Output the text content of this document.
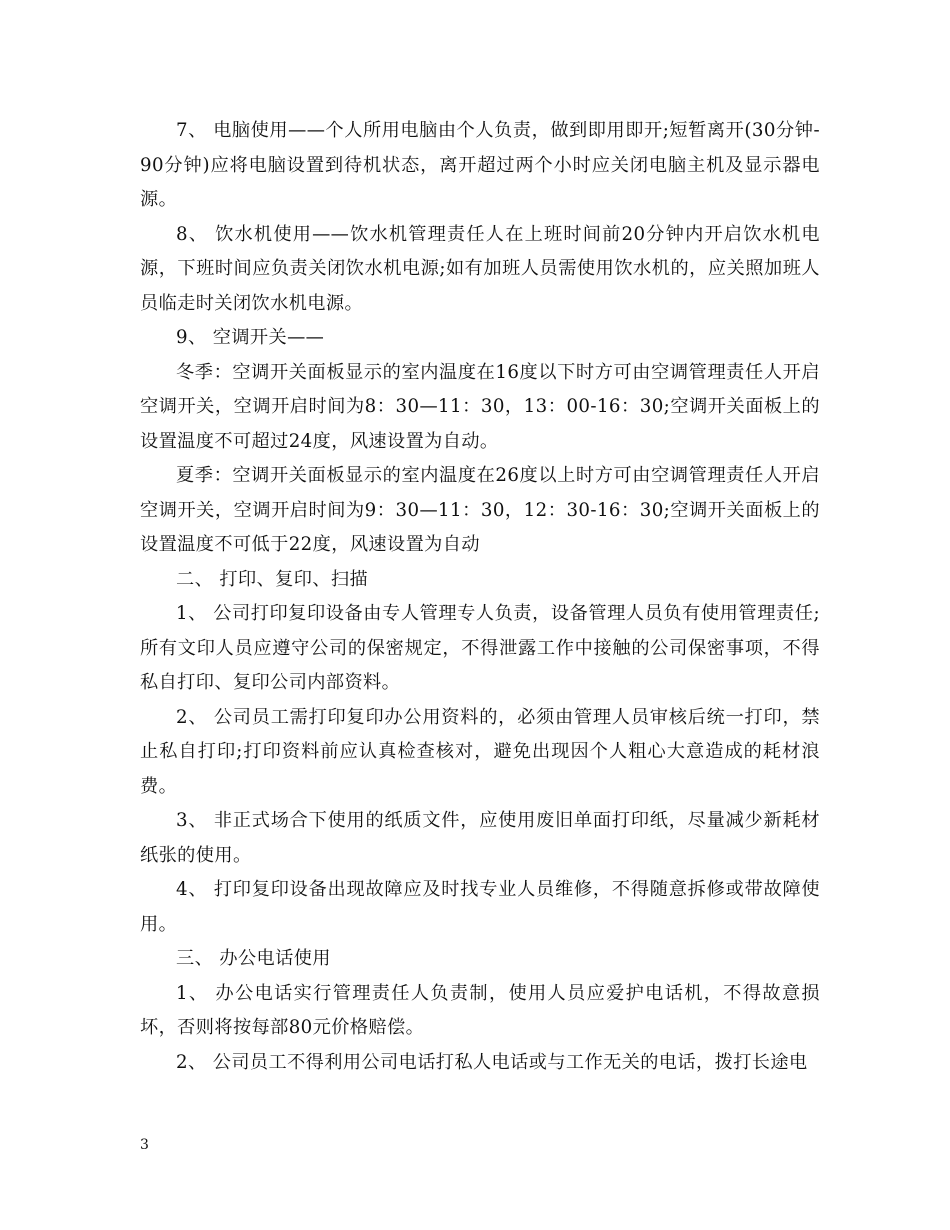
7、 电脑使用——个人所用电脑由个人负责，做到即用即开;短暂离开(30分钟-90分钟)应将电脑设置到待机状态，离开超过两个小时应关闭电脑主机及显示器电源。

8、 饮水机使用——饮水机管理责任人在上班时间前20分钟内开启饮水机电源，下班时间应负责关闭饮水机电源;如有加班人员需使用饮水机的，应关照加班人员临走时关闭饮水机电源。

9、 空调开关——

冬季：空调开关面板显示的室内温度在16度以下时方可由空调管理责任人开启空调开关，空调开启时间为8：30—11：30，13：00-16：30;空调开关面板上的设置温度不可超过24度，风速设置为自动。

夏季：空调开关面板显示的室内温度在26度以上时方可由空调管理责任人开启空调开关，空调开启时间为9：30—11：30，12：30-16：30;空调开关面板上的设置温度不可低于22度，风速设置为自动

二、 打印、复印、扫描

1、 公司打印复印设备由专人管理专人负责，设备管理人员负有使用管理责任;所有文印人员应遵守公司的保密规定，不得泄露工作中接触的公司保密事项，不得私自打印、复印公司内部资料。

2、 公司员工需打印复印办公用资料的，必须由管理人员审核后统一打印，禁止私自打印;打印资料前应认真检查核对，避免出现因个人粗心大意造成的耗材浪费。

3、 非正式场合下使用的纸质文件，应使用废旧单面打印纸，尽量减少新耗材纸张的使用。

4、 打印复印设备出现故障应及时找专业人员维修，不得随意拆修或带故障使用。

三、 办公电话使用

1、 办公电话实行管理责任人负责制，使用人员应爱护电话机，不得故意损坏，否则将按每部80元价格赔偿。

2、 公司员工不得利用公司电话打私人电话或与工作无关的电话，拨打长途电

3
